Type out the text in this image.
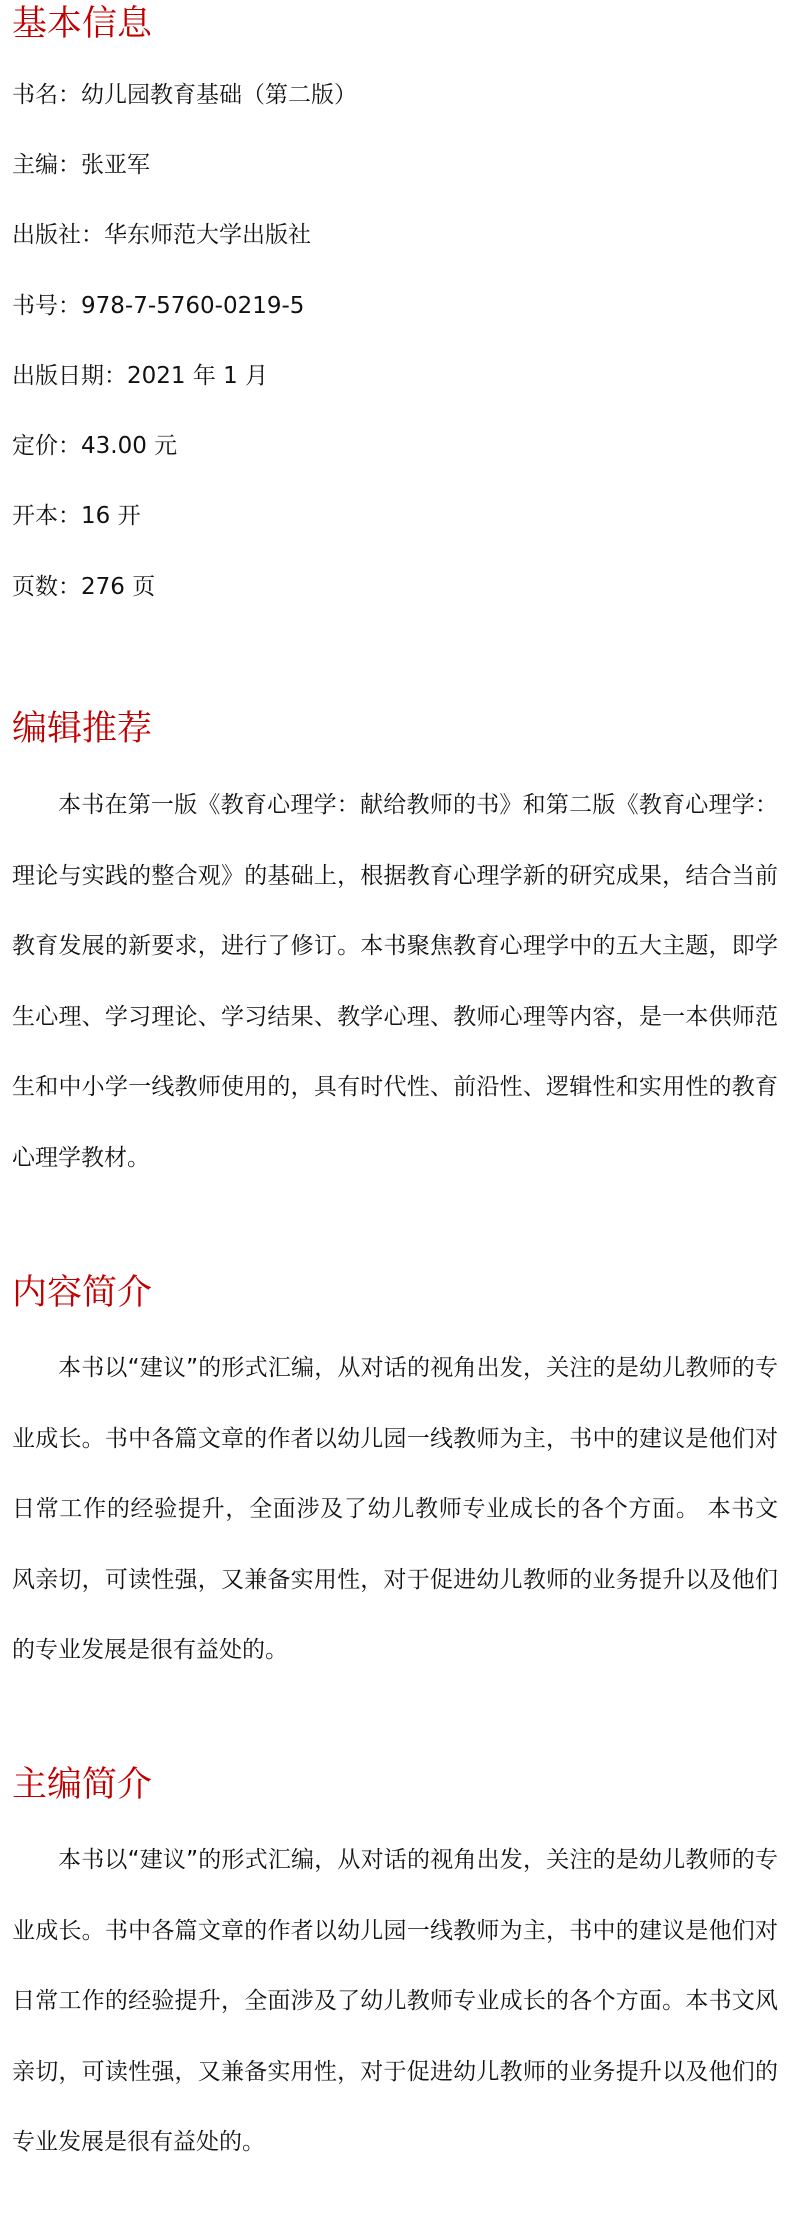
基本信息

书名：幼儿园教育基础（第二版）

主编：张亚军

出版社：华东师范大学出版社

书号：978-7-5760-0219-5

出版日期：2021 年 1 月

定价：43.00 元

开本：16 开

页数：276 页

编辑推荐

本书在第一版《教育心理学：献给教师的书》和第二版《教育心理学：理论与实践的整合观》的基础上，根据教育心理学新的研究成果，结合当前教育发展的新要求，进行了修订。本书聚焦教育心理学中的五大主题，即学生心理、学习理论、学习结果、教学心理、教师心理等内容，是一本供师范生和中小学一线教师使用的，具有时代性、前沿性、逻辑性和实用性的教育心理学教材。

内容简介

本书以“建议”的形式汇编，从对话的视角出发，关注的是幼儿教师的专业成长。书中各篇文章的作者以幼儿园一线教师为主，书中的建议是他们对日常工作的经验提升，全面涉及了幼儿教师专业成长的各个方面。 本书文风亲切，可读性强，又兼备实用性，对于促进幼儿教师的业务提升以及他们的专业发展是很有益处的。

主编简介

本书以“建议”的形式汇编，从对话的视角出发，关注的是幼儿教师的专业成长。书中各篇文章的作者以幼儿园一线教师为主，书中的建议是他们对日常工作的经验提升，全面涉及了幼儿教师专业成长的各个方面。本书文风亲切，可读性强，又兼备实用性，对于促进幼儿教师的业务提升以及他们的专业发展是很有益处的。
